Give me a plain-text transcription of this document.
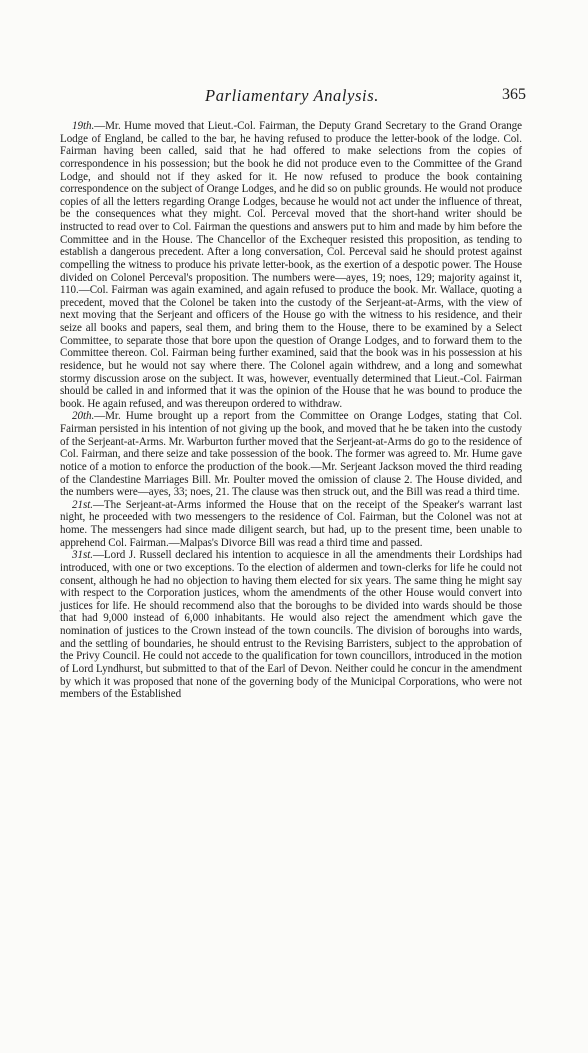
Parliamentary Analysis.	365

19th.—Mr. Hume moved that Lieut.-Col. Fairman, the Deputy Grand Secretary to the Grand Orange Lodge of England, be called to the bar, he having refused to produce the letter-book of the lodge. Col. Fairman having been called, said that he had offered to make selections from the copies of correspondence in his possession; but the book he did not produce even to the Committee of the Grand Lodge, and should not if they asked for it. He now refused to produce the book containing correspondence on the subject of Orange Lodges, and he did so on public grounds. He would not produce copies of all the letters regarding Orange Lodges, because he would not act under the influence of threat, be the consequences what they might. Col. Perceval moved that the short-hand writer should be instructed to read over to Col. Fairman the questions and answers put to him and made by him before the Committee and in the House. The Chancellor of the Exchequer resisted this proposition, as tending to establish a dangerous precedent. After a long conversation, Col. Perceval said he should protest against compelling the witness to produce his private letter-book, as the exertion of a despotic power. The House divided on Colonel Perceval's proposition. The numbers were—ayes, 19; noes, 129; majority against it, 110.—Col. Fairman was again examined, and again refused to produce the book. Mr. Wallace, quoting a precedent, moved that the Colonel be taken into the custody of the Serjeant-at-Arms, with the view of next moving that the Serjeant and officers of the House go with the witness to his residence, and their seize all books and papers, seal them, and bring them to the House, there to be examined by a Select Committee, to separate those that bore upon the question of Orange Lodges, and to forward them to the Committee thereon. Col. Fairman being further examined, said that the book was in his possession at his residence, but he would not say where there. The Colonel again withdrew, and a long and somewhat stormy discussion arose on the subject. It was, however, eventually determined that Lieut.-Col. Fairman should be called in and informed that it was the opinion of the House that he was bound to produce the book. He again refused, and was thereupon ordered to withdraw.

20th.—Mr. Hume brought up a report from the Committee on Orange Lodges, stating that Col. Fairman persisted in his intention of not giving up the book, and moved that he be taken into the custody of the Serjeant-at-Arms. Mr. Warburton further moved that the Serjeant-at-Arms do go to the residence of Col. Fairman, and there seize and take possession of the book. The former was agreed to. Mr. Hume gave notice of a motion to enforce the production of the book.—Mr. Serjeant Jackson moved the third reading of the Clandestine Marriages Bill. Mr. Poulter moved the omission of clause 2. The House divided, and the numbers were—ayes, 33; noes, 21. The clause was then struck out, and the Bill was read a third time.

21st.—The Serjeant-at-Arms informed the House that on the receipt of the Speaker's warrant last night, he proceeded with two messengers to the residence of Col. Fairman, but the Colonel was not at home. The messengers had since made diligent search, but had, up to the present time, been unable to apprehend Col. Fairman.—Malpas's Divorce Bill was read a third time and passed.

31st.—Lord J. Russell declared his intention to acquiesce in all the amendments their Lordships had introduced, with one or two exceptions. To the election of aldermen and town-clerks for life he could not consent, although he had no objection to having them elected for six years. The same thing he might say with respect to the Corporation justices, whom the amendments of the other House would convert into justices for life. He should recommend also that the boroughs to be divided into wards should be those that had 9,000 instead of 6,000 inhabitants. He would also reject the amendment which gave the nomination of justices to the Crown instead of the town councils. The division of boroughs into wards, and the settling of boundaries, he should entrust to the Revising Barristers, subject to the approbation of the Privy Council. He could not accede to the qualification for town councillors, introduced in the motion of Lord Lyndhurst, but submitted to that of the Earl of Devon. Neither could he concur in the amendment by which it was proposed that none of the governing body of the Municipal Corporations, who were not members of the Established
